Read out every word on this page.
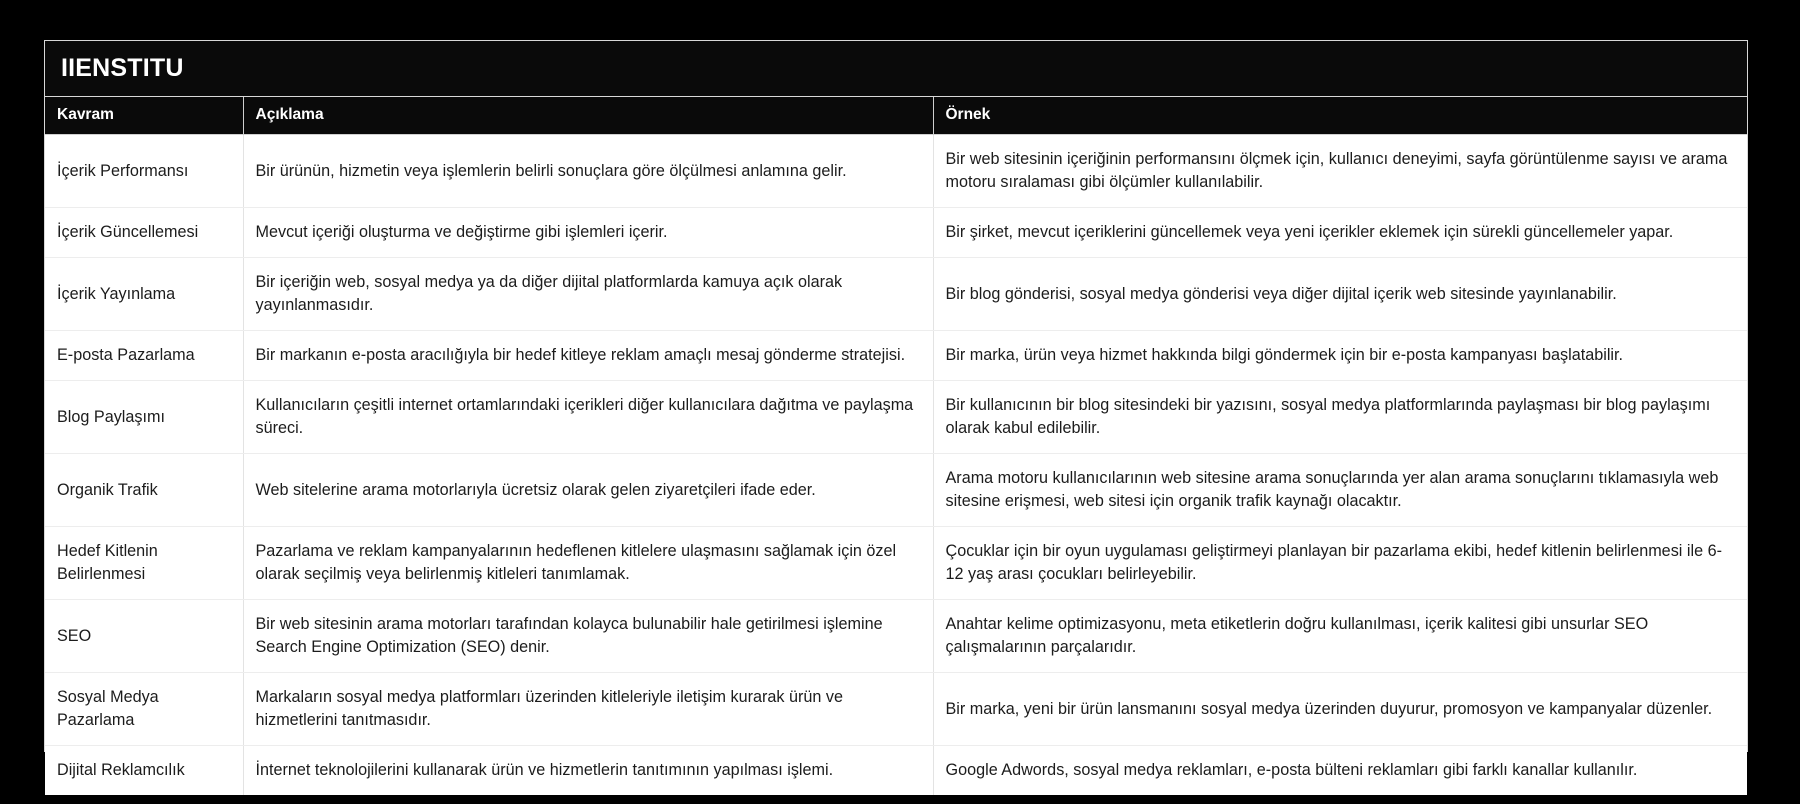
IIENSTITU
Kavram	Açıklama	Örnek
İçerik Performansı	Bir ürünün, hizmetin veya işlemlerin belirli sonuçlara göre ölçülmesi anlamına gelir.	Bir web sitesinin içeriğinin performansını ölçmek için, kullanıcı deneyimi, sayfa görüntülenme sayısı ve arama motoru sıralaması gibi ölçümler kullanılabilir.
İçerik Güncellemesi	Mevcut içeriği oluşturma ve değiştirme gibi işlemleri içerir.	Bir şirket, mevcut içeriklerini güncellemek veya yeni içerikler eklemek için sürekli güncellemeler yapar.
İçerik Yayınlama	Bir içeriğin web, sosyal medya ya da diğer dijital platformlarda kamuya açık olarak yayınlanmasıdır.	Bir blog gönderisi, sosyal medya gönderisi veya diğer dijital içerik web sitesinde yayınlanabilir.
E-posta Pazarlama	Bir markanın e-posta aracılığıyla bir hedef kitleye reklam amaçlı mesaj gönderme stratejisi.	Bir marka, ürün veya hizmet hakkında bilgi göndermek için bir e-posta kampanyası başlatabilir.
Blog Paylaşımı	Kullanıcıların çeşitli internet ortamlarındaki içerikleri diğer kullanıcılara dağıtma ve paylaşma süreci.	Bir kullanıcının bir blog sitesindeki bir yazısını, sosyal medya platformlarında paylaşması bir blog paylaşımı olarak kabul edilebilir.
Organik Trafik	Web sitelerine arama motorlarıyla ücretsiz olarak gelen ziyaretçileri ifade eder.	Arama motoru kullanıcılarının web sitesine arama sonuçlarında yer alan arama sonuçlarını tıklamasıyla web sitesine erişmesi, web sitesi için organik trafik kaynağı olacaktır.
Hedef Kitlenin Belirlenmesi	Pazarlama ve reklam kampanyalarının hedeflenen kitlelere ulaşmasını sağlamak için özel olarak seçilmiş veya belirlenmiş kitleleri tanımlamak.	Çocuklar için bir oyun uygulaması geliştirmeyi planlayan bir pazarlama ekibi, hedef kitlenin belirlenmesi ile 6-12 yaş arası çocukları belirleyebilir.
SEO	Bir web sitesinin arama motorları tarafından kolayca bulunabilir hale getirilmesi işlemine Search Engine Optimization (SEO) denir.	Anahtar kelime optimizasyonu, meta etiketlerin doğru kullanılması, içerik kalitesi gibi unsurlar SEO çalışmalarının parçalarıdır.
Sosyal Medya Pazarlama	Markaların sosyal medya platformları üzerinden kitleleriyle iletişim kurarak ürün ve hizmetlerini tanıtmasıdır.	Bir marka, yeni bir ürün lansmanını sosyal medya üzerinden duyurur, promosyon ve kampanyalar düzenler.
Dijital Reklamcılık	İnternet teknolojilerini kullanarak ürün ve hizmetlerin tanıtımının yapılması işlemi.	Google Adwords, sosyal medya reklamları, e-posta bülteni reklamları gibi farklı kanallar kullanılır.
